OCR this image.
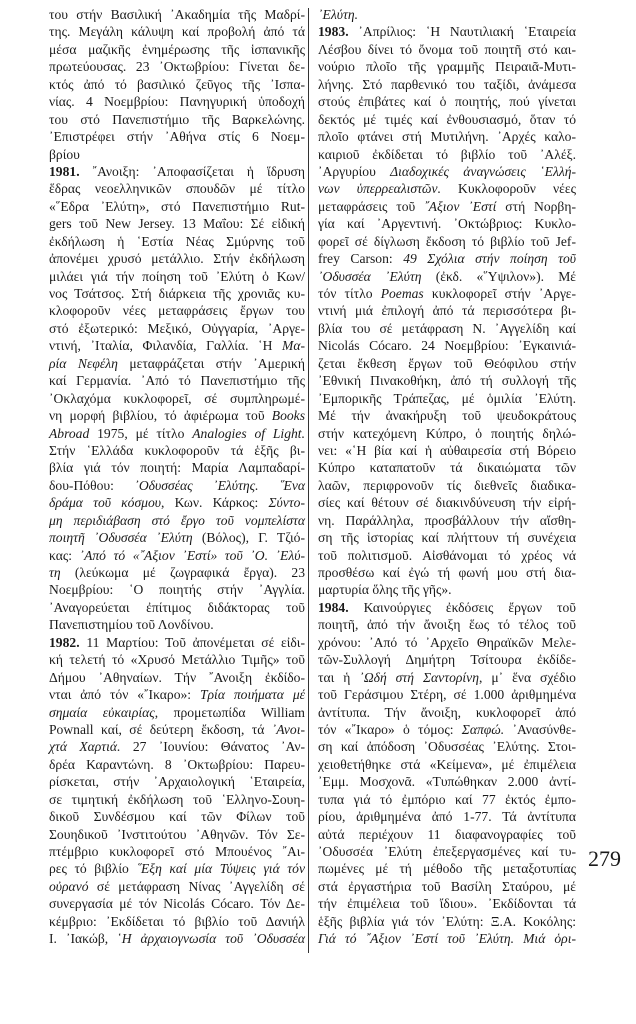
του στήν Βασιλική ᾿Ακαδημία τῆς Μαδρί-
της. Μεγάλη κάλυψη καί προβολή ἀπό τά
μέσα μαζικῆς ἐνημέρωσης τῆς ἱσπανικῆς
πρωτεύουσας. 23 ᾿Οκτωβρίου: Γίνεται δε-
κτός ἀπό τό βασιλικό ζεῦγος τῆς ᾿Ισπα-
νίας. 4 Νοεμβρίου: Πανηγυρική ὑποδοχή
του στό Πανεπιστήμιο τῆς Βαρκελώνης.
᾿Επιστρέφει στήν ᾿Αθήνα στίς 6 Νοεμ-
βρίου
1981. ῎Ανοιξη: ᾿Αποφασίζεται ἡ ἵδρυση
ἕδρας νεοελληνικῶν σπουδῶν μέ τίτλο
«῞Εδρα ᾿Ελύτη», στό Πανεπιστήμιο Rut-
gers τοῦ New Jersey. 13 Μαΐου: Σέ εἰδική
ἐκδήλωση ἡ ῾Εστία Νέας Σμύρνης τοῦ
ἀπονέμει χρυσό μετάλλιο. Στήν ἐκδήλωση
μιλάει γιά τήν ποίηση τοῦ ᾿Ελύτη ὁ Κων/
νος Τσάτσος. Στή διάρκεια τῆς χρονιᾶς κυ-
κλοφοροῦν νέες μεταφράσεις ἔργων του
στό ἐξωτερικό: Μεξικό, Οὑγγαρία, ᾿Αργε-
ντινή, ᾿Ιταλία, Φιλανδία, Γαλλία. ῾Η Μα-
ρία Νεφέλη μεταφράζεται στήν ᾿Αμερική
καί Γερμανία. ᾿Από τό Πανεπιστήμιο τῆς
᾿Οκλαχόμα κυκλοφορεῖ, σέ συμπληρωμέ-
νη μορφή βιβλίου, τό ἀφιέρωμα τοῦ Books
Abroad 1975, μέ τίτλο Analogies of Light.
Στήν ῾Ελλάδα κυκλοφοροῦν τά ἑξῆς βι-
βλία γιά τόν ποιητή: Μαρία Λαμπαδαρί-
δου-Πόθου: ᾿Οδυσσέας ᾿Ελύτης. ῞Ενα
δράμα τοῦ κόσμου, Κων. Κάρκος: Σύντο-
μη περιδιάβαση στό ἔργο τοῦ νομπελίστα
ποιητῆ ᾿Οδυσσέα ᾿Ελύτη (Βόλος), Γ. Τζιό-
κας: ᾿Από τό «῎Αξιον ᾿Εστί» τοῦ ᾿Ο. ᾿Ελύ-
τη (λεύκωμα μέ ζωγραφικά ἔργα). 23
Νοεμβρίου: ῾Ο ποιητής στήν ᾿Αγγλία.
᾿Αναγορεύεται ἐπίτιμος διδάκτορας τοῦ
Πανεπιστημίου τοῦ Λονδίνου.
1982. 11 Μαρτίου: Τοῦ ἀπονέμεται σέ εἰδι-
κή τελετή τό «Χρυσό Μετάλλιο Τιμῆς» τοῦ
Δήμου ᾿Αθηναίων. Τήν ῎Ανοιξη ἐκδίδο-
νται ἀπό τόν «῎Ικαρο»: Τρία ποιήματα μέ
σημαία εὐκαιρίας, προμετωπίδα William
Pownall καί, σέ δεύτερη ἔκδοση, τά ᾿Ανοι-
χτά Χαρτιά. 27 ᾿Ιουνίου: Θάνατος ᾿Αν-
δρέα Καραντώνη. 8 ᾿Οκτωβρίου: Παρευ-
ρίσκεται, στήν ᾿Αρχαιολογική ῾Εταιρεία,
σε τιμητική ἐκδήλωση τοῦ ῾Ελληνο-Σουη-
δικοῦ Συνδέσμου καί τῶν Φίλων τοῦ
Σουηδικοῦ ᾿Ινστιτούτου ᾿Αθηνῶν. Τόν Σε-
πτέμβριο κυκλοφορεῖ στό Μπουένος ῎Αι-
ρες τό βιβλίο ῞Εξη καί μία Τύψεις γιά τόν
οὐρανό σέ μετάφραση Νίνας ᾿Αγγελίδη σέ
συνεργασία μέ τόν Nicolás Cócaro. Τόν Δε-
κέμβριο: ᾿Εκδίδεται τό βιβλίο τοῦ Δανιήλ
Ι. ᾿Ιακώβ, ῾Η ἀρχαιογνωσία τοῦ ᾿Οδυσσέα
᾿Ελύτη.
1983. ᾿Απρίλιος: ῾Η Ναυτιλιακή ῾Εταιρεία
Λέσβου δίνει τό ὄνομα τοῦ ποιητῆ στό και-
νούριο πλοῖο τῆς γραμμῆς Πειραιᾶ-Μυτι-
λήνης. Στό παρθενικό του ταξίδι, ἀνάμεσα
στούς ἐπιβάτες καί ὁ ποιητής, πού γίνεται
δεκτός μέ τιμές καί ἐνθουσιασμό, ὅταν τό
πλοῖο φτάνει στή Μυτιλήνη. ᾿Αρχές καλο-
καιριοῦ ἐκδίδεται τό βιβλίο τοῦ ᾿Αλέξ.
᾿Αργυρίου Διαδοχικές ἀναγνώσεις ῾Ελλή-
νων ὑπερρεαλιστῶν. Κυκλοφοροῦν νέες
μεταφράσεις τοῦ ῎Αξιον ᾿Εστί στή Νορβη-
γία καί ᾿Αργεντινή. ᾿Οκτώβριος: Κυκλο-
φορεῖ σέ δίγλωση ἔκδοση τό βιβλίο τοῦ Jef-
frey Carson: 49 Σχόλια στήν ποίηση τοῦ
᾿Οδυσσέα ᾿Ελύτη (ἐκδ. «῞Υψιλον»). Μέ
τόν τίτλο Poemas κυκλοφορεῖ στήν ᾿Αργε-
ντινή μιά ἐπιλογή ἀπό τά περισσότερα βι-
βλία του σέ μετάφραση Ν. ᾿Αγγελίδη καί
Nicolás Cócaro. 24 Νοεμβρίου: ᾿Εγκαινιά-
ζεται ἔκθεση ἔργων τοῦ Θεόφιλου στήν
᾿Εθνική Πινακοθήκη, ἀπό τή συλλογή τῆς
᾿Εμπορικῆς Τράπεζας, μέ ὁμιλία ᾿Ελύτη.
Μέ τήν ἀνακήρυξη τοῦ ψευδοκράτους
στήν κατεχόμενη Κύπρο, ὁ ποιητής δηλώ-
νει: «῾Η βία καί ἡ αὐθαιρεσία στή Βόρειο
Κύπρο καταπατοῦν τά δικαιώματα τῶν
λαῶν, περιφρονοῦν τίς διεθνεῖς διαδικα-
σίες καί θέτουν σέ διακινδύνευση τήν εἰρή-
νη. Παράλληλα, προσβάλλουν τήν αἴσθη-
ση τῆς ἱστορίας καί πλήττουν τή συνέχεια
τοῦ πολιτισμοῦ. Αἰσθάνομαι τό χρέος νά
προσθέσω καί ἐγώ τή φωνή μου στή δια-
μαρτυρία ὅλης τῆς γῆς».
1984. Καινούργιες ἐκδόσεις ἔργων τοῦ
ποιητῆ, ἀπό τήν ἄνοιξη ἕως τό τέλος τοῦ
χρόνου: ᾿Από τό ᾿Αρχεῖο Θηραϊκῶν Μελε-
τῶν-Συλλογή Δημήτρη Τσίτουρα ἐκδίδε-
ται ἡ ᾿Ωδή στή Σαντορίνη, μ᾿ ἕνα σχέδιο
τοῦ Γεράσιμου Στέρη, σέ 1.000 ἀριθμημένα
ἀντίτυπα. Τήν ἄνοιξη, κυκλοφορεῖ ἀπό
τόν «῎Ικαρο» ὁ τόμος: Σαπφώ. ᾿Ανασύνθε-
ση καί ἀπόδοση ᾿Οδυσσέας ᾿Ελύτης. Στοι-
χειοθετήθηκε στά «Κείμενα», μέ ἐπιμέλεια
᾿Εμμ. Μοσχονᾶ. «Τυπώθηκαν 2.000 ἀντί-
τυπα γιά τό ἐμπόριο καί 77 ἐκτός ἐμπο-
ρίου, ἀριθμημένα ἀπό 1-77. Τά ἀντίτυπα
αὐτά περιέχουν 11 διαφανογραφίες τοῦ
᾿Οδυσσέα ᾿Ελύτη ἐπεξεργασμένες καί τυ-
πωμένες μέ τή μέθοδο τῆς μεταξοτυπίας
στά ἐργαστήρια τοῦ Βασίλη Σταύρου, μέ
τήν ἐπιμέλεια τοῦ ἴδιου». ᾿Εκδίδονται τά
ἑξῆς βιβλία γιά τόν ᾿Ελύτη: Ξ.Α. Κοκόλης:
Γιά τό ῎Αξιον ᾿Εστί τοῦ ᾿Ελύτη. Μιά ὁρι-
279
